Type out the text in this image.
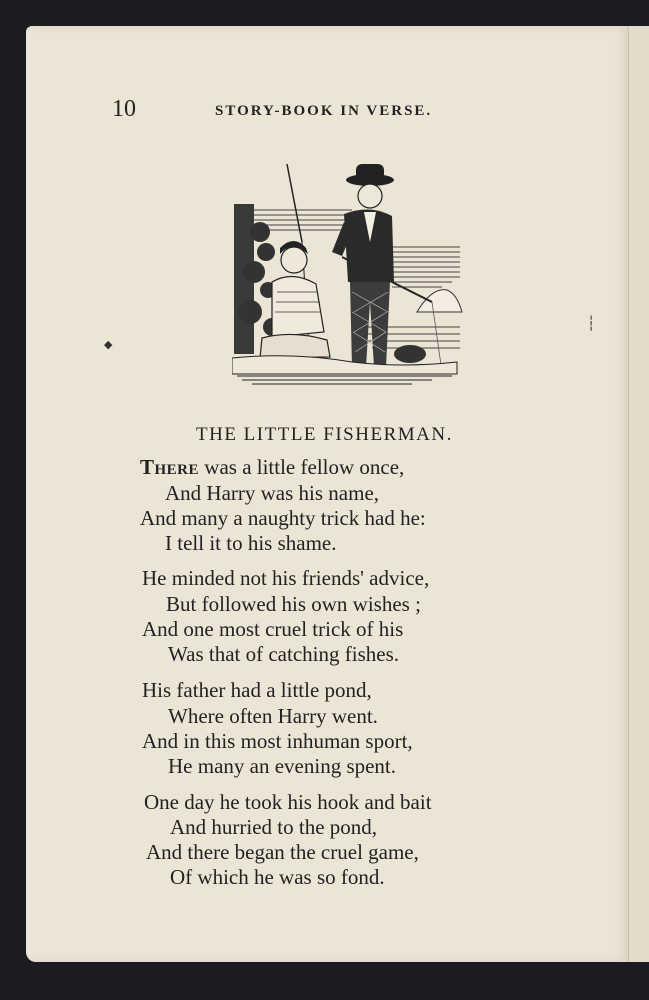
10	STORY-BOOK IN VERSE.
◆
┆
THE LITTLE FISHERMAN.
There was a little fellow once,
And Harry was his name,
And many a naughty trick had he:
I tell it to his shame.
He minded not his friends' advice,
But followed his own wishes ;
And one most cruel trick of his
Was that of catching fishes.
His father had a little pond,
Where often Harry went.
And in this most inhuman sport,
He many an evening spent.
One day he took his hook and bait
And hurried to the pond,
And there began the cruel game,
Of which he was so fond.
